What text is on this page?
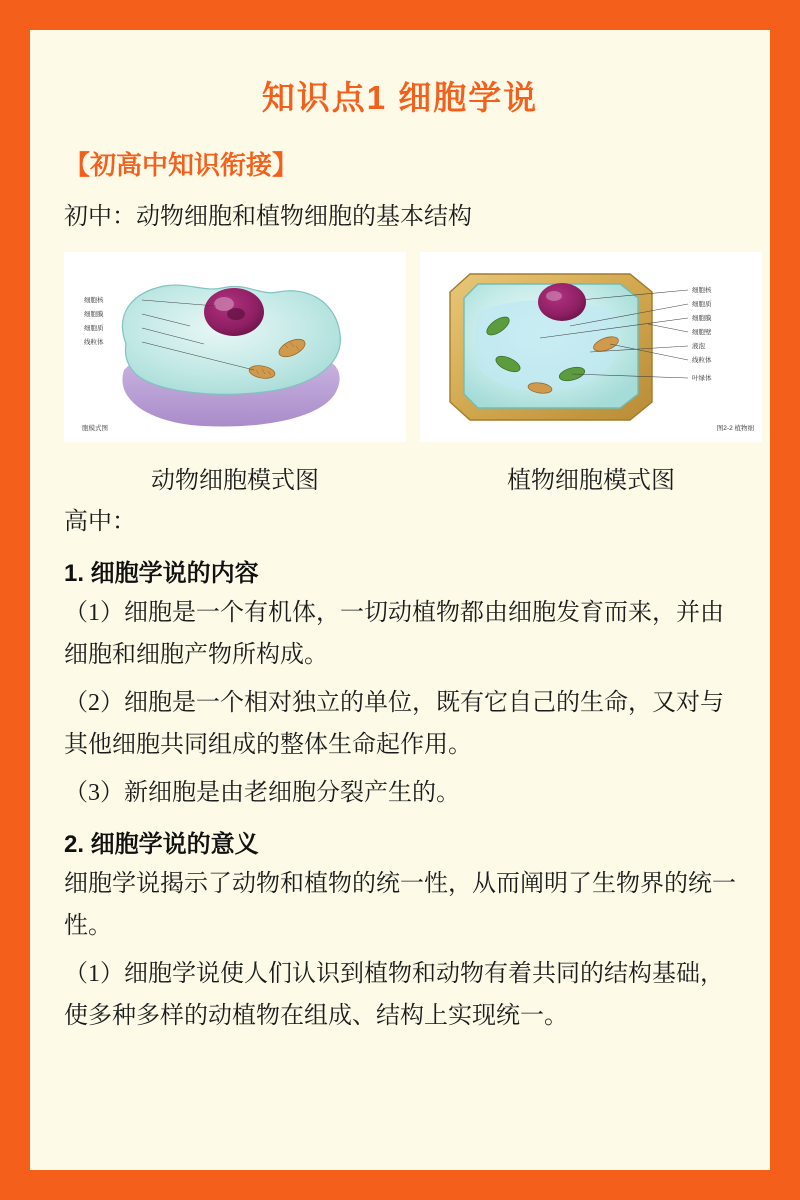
知识点1 细胞学说
【初高中知识衔接】
初中：动物细胞和植物细胞的基本结构
细胞核
细胞膜
细胞质
线粒体
胞模式图
动物细胞模式图
细胞核
细胞质
细胞膜
细胞壁
液泡
线粒体
叶绿体
图2-2 植物细
植物细胞模式图
高中：
1. 细胞学说的内容
（1）细胞是一个有机体，一切动植物都由细胞发育而来，并由细胞和细胞产物所构成。
（2）细胞是一个相对独立的单位，既有它自己的生命，又对与其他细胞共同组成的整体生命起作用。
（3）新细胞是由老细胞分裂产生的。
2. 细胞学说的意义
细胞学说揭示了动物和植物的统一性，从而阐明了生物界的统一性。
（1）细胞学说使人们认识到植物和动物有着共同的结构基础，使多种多样的动植物在组成、结构上实现统一。
